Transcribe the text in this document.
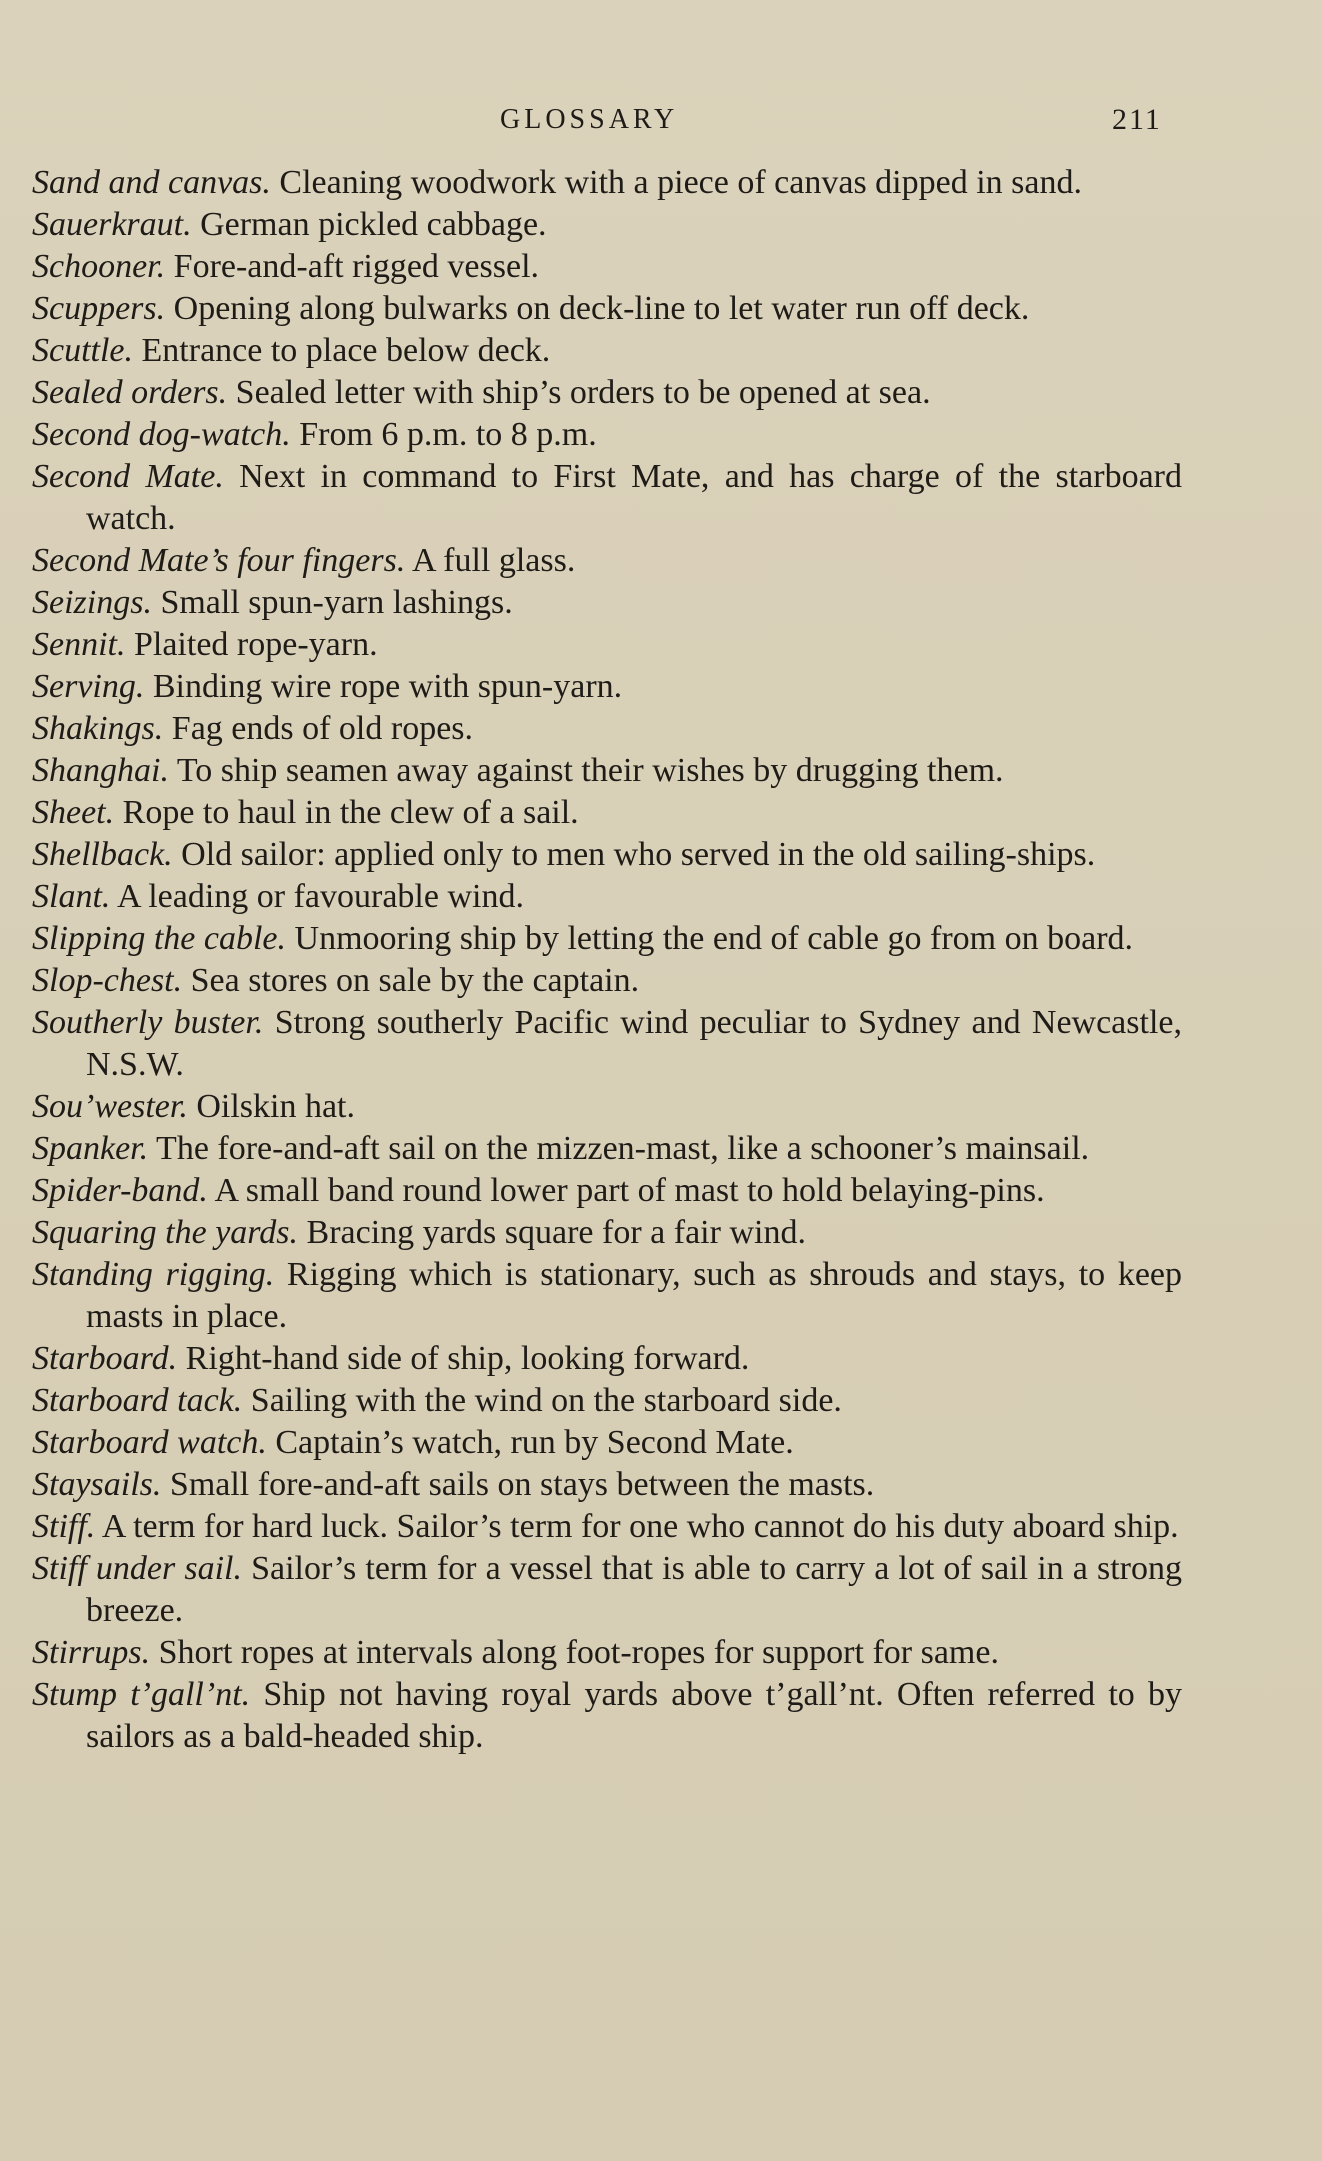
GLOSSARY	211
Sand and canvas. Cleaning woodwork with a piece of canvas dipped in sand.
Sauerkraut. German pickled cabbage.
Schooner. Fore-and-aft rigged vessel.
Scuppers. Opening along bulwarks on deck-line to let water run off deck.
Scuttle. Entrance to place below deck.
Sealed orders. Sealed letter with ship’s orders to be opened at sea.
Second dog-watch. From 6 p.m. to 8 p.m.
Second Mate. Next in command to First Mate, and has charge of the starboard watch.
Second Mate’s four fingers. A full glass.
Seizings. Small spun-yarn lashings.
Sennit. Plaited rope-yarn.
Serving. Binding wire rope with spun-yarn.
Shakings. Fag ends of old ropes.
Shanghai. To ship seamen away against their wishes by drugging them.
Sheet. Rope to haul in the clew of a sail.
Shellback. Old sailor: applied only to men who served in the old sailing-ships.
Slant. A leading or favourable wind.
Slipping the cable. Unmooring ship by letting the end of cable go from on board.
Slop-chest. Sea stores on sale by the captain.
Southerly buster. Strong southerly Pacific wind peculiar to Sydney and Newcastle, N.S.W.
Sou’wester. Oilskin hat.
Spanker. The fore-and-aft sail on the mizzen-mast, like a schooner’s mainsail.
Spider-band. A small band round lower part of mast to hold belaying-pins.
Squaring the yards. Bracing yards square for a fair wind.
Standing rigging. Rigging which is stationary, such as shrouds and stays, to keep masts in place.
Starboard. Right-hand side of ship, looking forward.
Starboard tack. Sailing with the wind on the starboard side.
Starboard watch. Captain’s watch, run by Second Mate.
Staysails. Small fore-and-aft sails on stays between the masts.
Stiff. A term for hard luck. Sailor’s term for one who cannot do his duty aboard ship.
Stiff under sail. Sailor’s term for a vessel that is able to carry a lot of sail in a strong breeze.
Stirrups. Short ropes at intervals along foot-ropes for support for same.
Stump t’gall’nt. Ship not having royal yards above t’gall’nt. Often referred to by sailors as a bald-headed ship.
